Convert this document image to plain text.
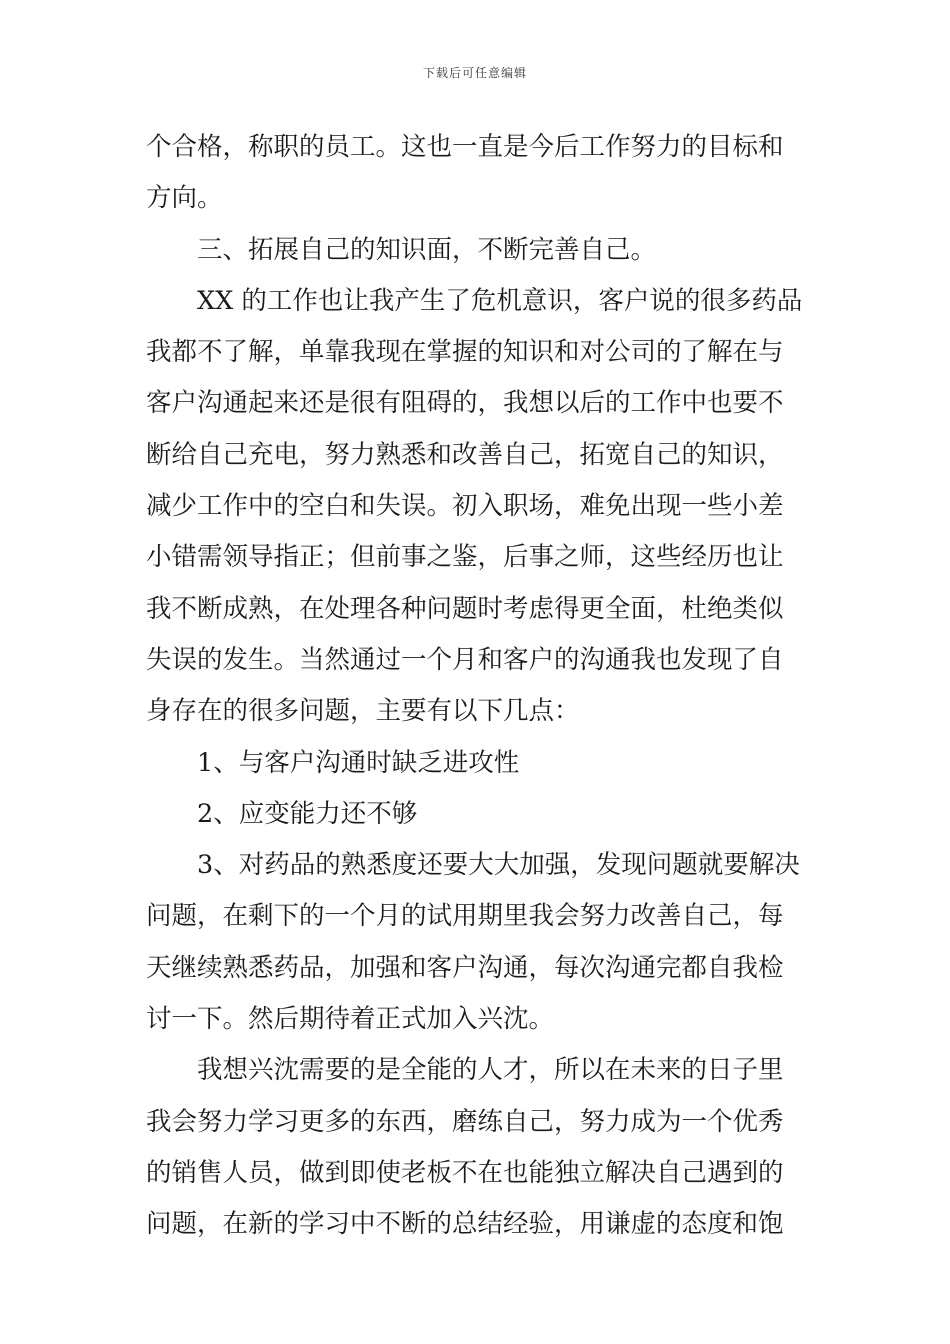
下载后可任意编辑
个合格，称职的员工。这也一直是今后工作努力的目标和
方向。
三、拓展自己的知识面，不断完善自己。
XX 的工作也让我产生了危机意识，客户说的很多药品
我都不了解，单靠我现在掌握的知识和对公司的了解在与
客户沟通起来还是很有阻碍的，我想以后的工作中也要不
断给自己充电，努力熟悉和改善自己，拓宽自己的知识，
减少工作中的空白和失误。初入职场，难免出现一些小差
小错需领导指正；但前事之鉴，后事之师，这些经历也让
我不断成熟，在处理各种问题时考虑得更全面，杜绝类似
失误的发生。当然通过一个月和客户的沟通我也发现了自
身存在的很多问题，主要有以下几点：
1、与客户沟通时缺乏进攻性
2、应变能力还不够
3、对药品的熟悉度还要大大加强，发现问题就要解决
问题，在剩下的一个月的试用期里我会努力改善自己，每
天继续熟悉药品，加强和客户沟通，每次沟通完都自我检
讨一下。然后期待着正式加入兴沈。
我想兴沈需要的是全能的人才，所以在未来的日子里
我会努力学习更多的东西，磨练自己，努力成为一个优秀
的销售人员，做到即使老板不在也能独立解决自己遇到的
问题，在新的学习中不断的总结经验，用谦虚的态度和饱
